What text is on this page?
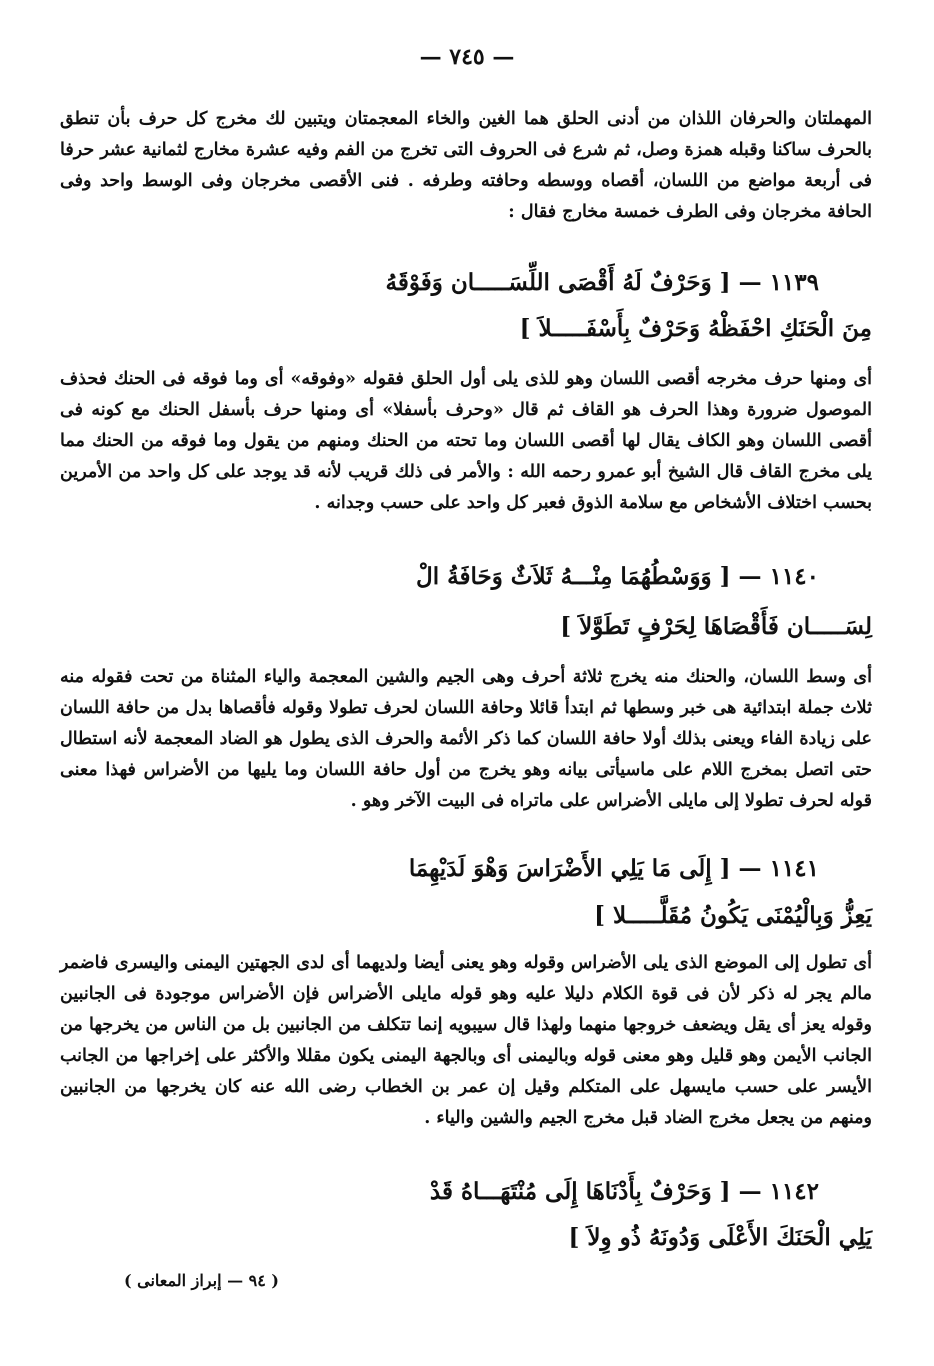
— ٧٤٥ —

المهملتان والحرفان اللذان من أدنى الحلق هما الغين والخاء المعجمتان ويتبين لك مخرج كل حرف بأن تنطق بالحرف ساكنا وقبله همزة وصل، ثم شرع فى الحروف التى تخرج من الفم وفيه عشرة مخارج لثمانية عشر حرفا فى أربعة مواضع من اللسان، أقصاه ووسطه وحافته وطرفه . فنى الأقصى مخرجان وفى الوسط واحد وفى الحافة مخرجان وفى الطرف خمسة مخارج فقال :

١١٣٩ — [ وَحَرْفٌ لَهُ أَقْصَى اللِّسَـــــان وَفَوْقَهُ
مِنَ الْحَنَكِ احْفَظْهُ وَحَرْفٌ بِأَسْفَـــــلاَ ]

أى ومنها حرف مخرجه أقصى اللسان وهو للذى يلى أول الحلق فقوله «وفوقه» أى وما فوقه فى الحنك فحذف الموصول ضرورة وهذا الحرف هو القاف ثم قال «وحرف بأسفلا» أى ومنها حرف بأسفل الحنك مع كونه فى أقصى اللسان وهو الكاف يقال لها أقصى اللسان وما تحته من الحنك ومنهم من يقول وما فوقه من الحنك مما يلى مخرج القاف قال الشيخ أبو عمرو رحمه الله : والأمر فى ذلك قريب لأنه قد يوجد على كل واحد من الأمرين بحسب اختلاف الأشخاص مع سلامة الذوق فعبر كل واحد على حسب وجدانه .

١١٤٠ — [ وَوَسْطُهُمَا مِنْـــهُ ثَلاَثٌ وَحَافَةُ الْ
لِسَـــــان فَأَقْصَاهَا لِحَرْفٍ تَطَوَّلاَ ]

أى وسط اللسان، والحنك منه يخرج ثلاثة أحرف وهى الجيم والشين المعجمة والياء المثناة من تحت فقوله منه ثلاث جملة ابتدائية هى خبر وسطها ثم ابتدأ قائلا وحافة اللسان لحرف تطولا وقوله فأقصاها بدل من حافة اللسان على زيادة الفاء ويعنى بذلك أولا حافة اللسان كما ذكر الأئمة والحرف الذى يطول هو الضاد المعجمة لأنه استطال حتى اتصل بمخرج اللام على ماسيأتى بيانه وهو يخرج من أول حافة اللسان وما يليها من الأضراس فهذا معنى قوله لحرف تطولا إلى مايلى الأضراس على ماتراه فى البيت الآخر وهو .

١١٤١ — [ إِلَى مَا يَلِي الأَضْرَاسَ وَهْوَ لَدَيْهِمَا
يَعِزُّ وَبِالْيُمْنَى يَكُونُ مُقَلَّـــــلا ]

أى تطول إلى الموضع الذى يلى الأضراس وقوله وهو يعنى أيضا ولديهما أى لدى الجهتين اليمنى واليسرى فاضمر مالم يجر له ذكر لأن فى قوة الكلام دليلا عليه وهو قوله مايلى الأضراس فإن الأضراس موجودة فى الجانبين وقوله يعز أى يقل ويضعف خروجها منهما ولهذا قال سيبويه إنما تتكلف من الجانبين بل من الناس من يخرجها من الجانب الأيمن وهو قليل وهو معنى قوله وباليمنى أى وبالجهة اليمنى يكون مقللا والأكثر على إخراجها من الجانب الأيسر على حسب مايسهل على المتكلم وقيل إن عمر بن الخطاب رضى الله عنه كان يخرجها من الجانبين ومنهم من يجعل مخرج الضاد قبل مخرج الجيم والشين والياء .

١١٤٢ — [ وَحَرْفٌ بِأَدْنَاهَا إِلَى مُنْتَهَـــاهُ قَدْ
يَلِي الْحَنَكَ الأَعْلَى وَدُونَهُ ذُو وِلاَ ]
( ٩٤ — إبراز المعانى )
